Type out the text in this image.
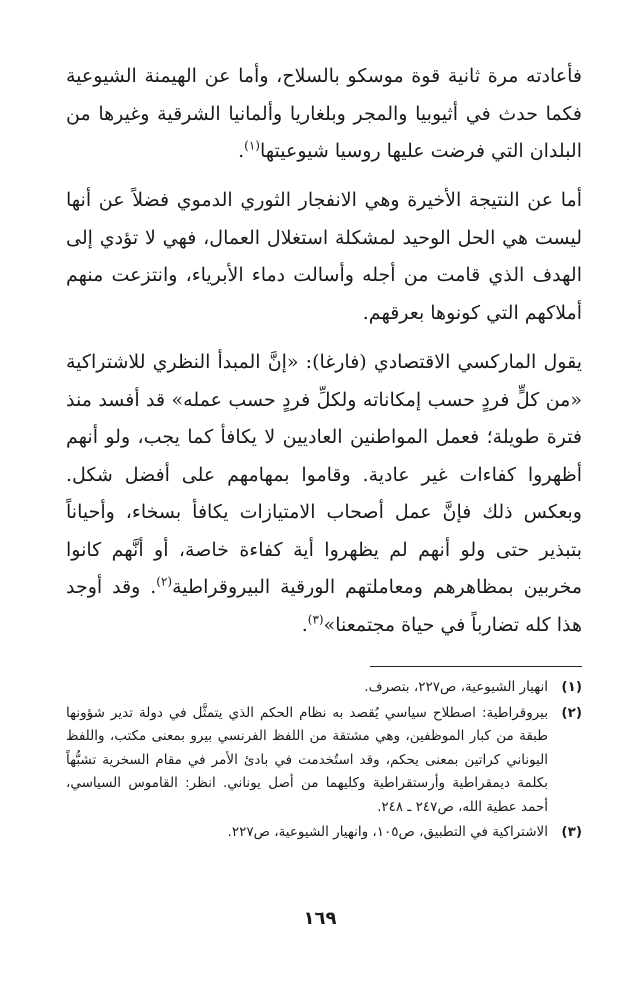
فأعادته مرة ثانية قوة موسكو بالسلاح، وأما عن الهيمنة الشيوعية فكما حدث في أثيوبيا والمجر وبلغاريا وألمانيا الشرقية وغيرها من البلدان التي فرضت عليها روسيا شيوعيتها$^{(١)}$.

أما عن النتيجة الأخيرة وهي الانفجار الثوري الدموي فضلاً عن أنها ليست هي الحل الوحيد لمشكلة استغلال العمال، فهي لا تؤدي إلى الهدف الذي قامت من أجله وأسالت دماء الأبرياء، وانتزعت منهم أملاكهم التي كونوها بعرقهم.

يقول الماركسي الاقتصادي (فارغا): «إنَّ المبدأ النظري للاشتراكية «من كلٍّ فردٍ حسب إمكاناته ولكلِّ فردٍ حسب عمله» قد أفسد منذ فترة طويلة؛ فعمل المواطنين العاديين لا يكافأ كما يجب، ولو أنهم أظهروا كفاءات غير عادية. وقاموا بمهامهم على أفضل شكل. وبعكس ذلك فإنَّ عمل أصحاب الامتيازات يكافأ بسخاء، وأحياناً بتبذير حتى ولو أنهم لم يظهروا أية كفاءة خاصة، أو أنَّهم كانوا مخربين بمظاهرهم ومعاملتهم الورقية البيروقراطية$^{(٢)}$. وقد أوجد هذا كله تضارباً في حياة مجتمعنا»$^{(٣)}$.

(١)
انهيار الشيوعية، ص٢٢٧، بتصرف.
(٢)
بيروقراطية: اصطلاح سياسي يُقصد به نظام الحكم الذي يتمثَّل في دولة تدير شؤونها طبقة من كبار الموظفين، وهي مشتقة من اللفظ الفرنسي بيرو بمعنى مكتب، واللفظ اليوناني كراتين بمعنى يحكم، وقد استُخدمت في بادئ الأمر في مقام السخرية تشبُّهاً بكلمة ديمقراطية وأرستقراطية وكليهما من أصل يوناني. انظر: القاموس السياسي، أحمد عطية الله، ص٢٤٧ ـ ٢٤٨.
(٣)
الاشتراكية في التطبيق، ص١٠٥، وانهيار الشيوعية، ص٢٢٧.
١٦٩
